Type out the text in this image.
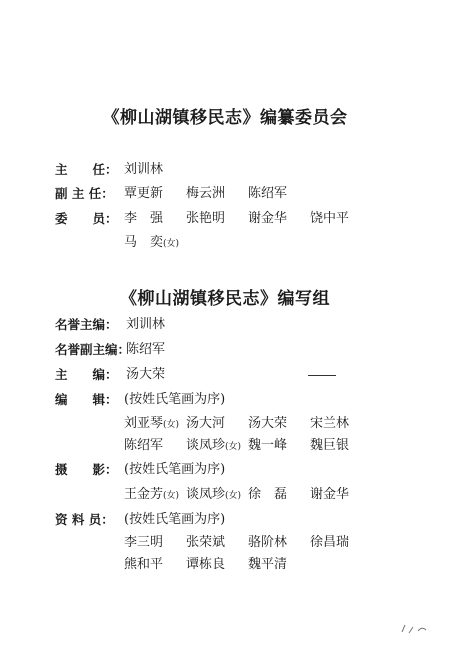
《柳山湖镇移民志》编纂委员会
主　　任： 刘训林
副 主 任： 覃更新 梅云洲 陈绍军
委　　员： 李　强 张艳明 谢金华 饶中平
马　奕(女)
《柳山湖镇移民志》编写组
名誉主编： 刘训林
名誉副主编：
陈绍军
主　　编： 汤大荣
编　　辑： (按姓氏笔画为序)
刘亚琴(女) 汤大河 汤大荣 宋兰林
陈绍军 谈凤珍(女) 魏一峰 魏巨银
摄　　影： (按姓氏笔画为序)
王金芳(女) 谈凤珍(女) 徐　磊 谢金华
资 料 员： (按姓氏笔画为序)
李三明 张荣斌 骆阶林 徐昌瑞
熊和平 谭栋良 魏平清
